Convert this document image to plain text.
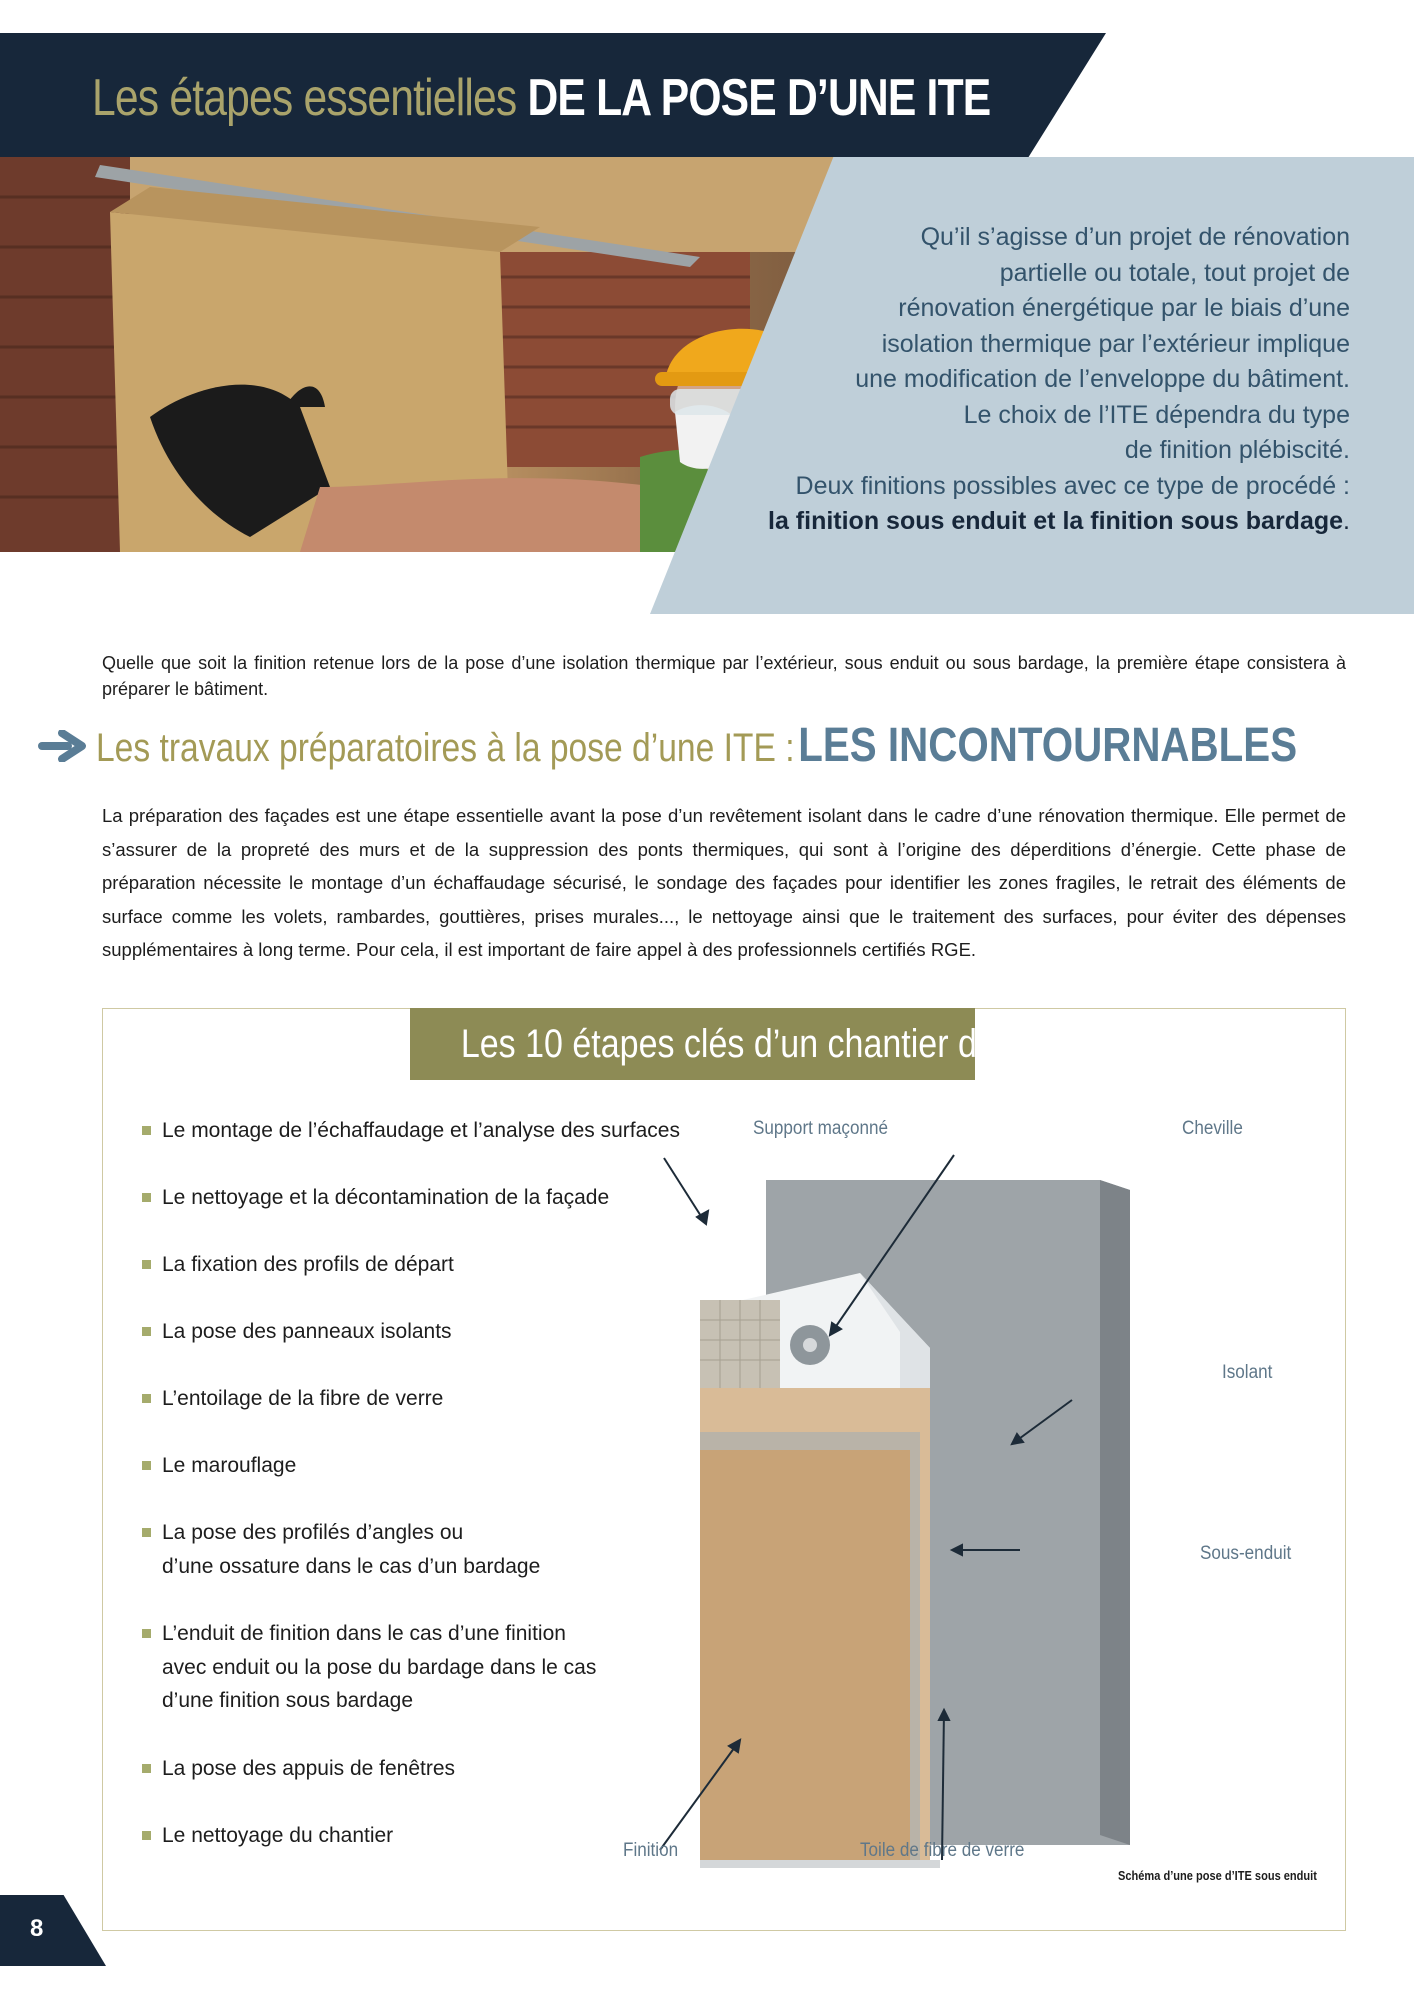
Les étapes essentielles DE LA POSE D’UNE ITE
Qu’il s’agisse d’un projet de rénovation
partielle ou totale, tout projet de
rénovation énergétique par le biais d’une
isolation thermique par l’extérieur implique
une modification de l’enveloppe du bâtiment.
Le choix de l’ITE dépendra du type
de finition plébiscité.
Deux finitions possibles avec ce type de procédé :
la finition sous enduit et la finition sous bardage.

Quelle que soit la finition retenue lors de la pose d’une isolation thermique par l’extérieur, sous enduit ou sous bardage, la première étape consistera à préparer le bâtiment.

Les travaux préparatoires à la pose d’une ITE : LES INCONTOURNABLES

La préparation des façades est une étape essentielle avant la pose d’un revêtement isolant dans le cadre d’une rénovation thermique. Elle permet de s’assurer de la propreté des murs et de la suppression des ponts thermiques, qui sont à l’origine des déperditions d’énergie. Cette phase de préparation nécessite le montage d’un échaffaudage sécurisé, le sondage des façades pour identifier les zones fragiles, le retrait des éléments de surface comme les volets, rambardes, gouttières, prises murales..., le nettoyage ainsi que le traitement des surfaces, pour éviter des dépenses supplémentaires à long terme. Pour cela, il est important de faire appel à des professionnels certifiés RGE.

Les 10 étapes clés d’un chantier d’ITE
Le montage de l’échaffaudage et l’analyse des surfaces
Le nettoyage et la décontamination de la façade
La fixation des profils de départ
La pose des panneaux isolants
L’entoilage de la fibre de verre
Le marouflage
La pose des profilés d’angles ou
d’une ossature dans le cas d’un bardage
L’enduit de finition dans le cas d’une finition
avec enduit ou la pose du bardage dans le cas
d’une finition sous bardage
La pose des appuis de fenêtres
Le nettoyage du chantier
Support maçonné	Cheville
Isolant
Sous-enduit
Finition	Toile de fibre de verre
Schéma d’une pose d’ITE sous enduit
8
